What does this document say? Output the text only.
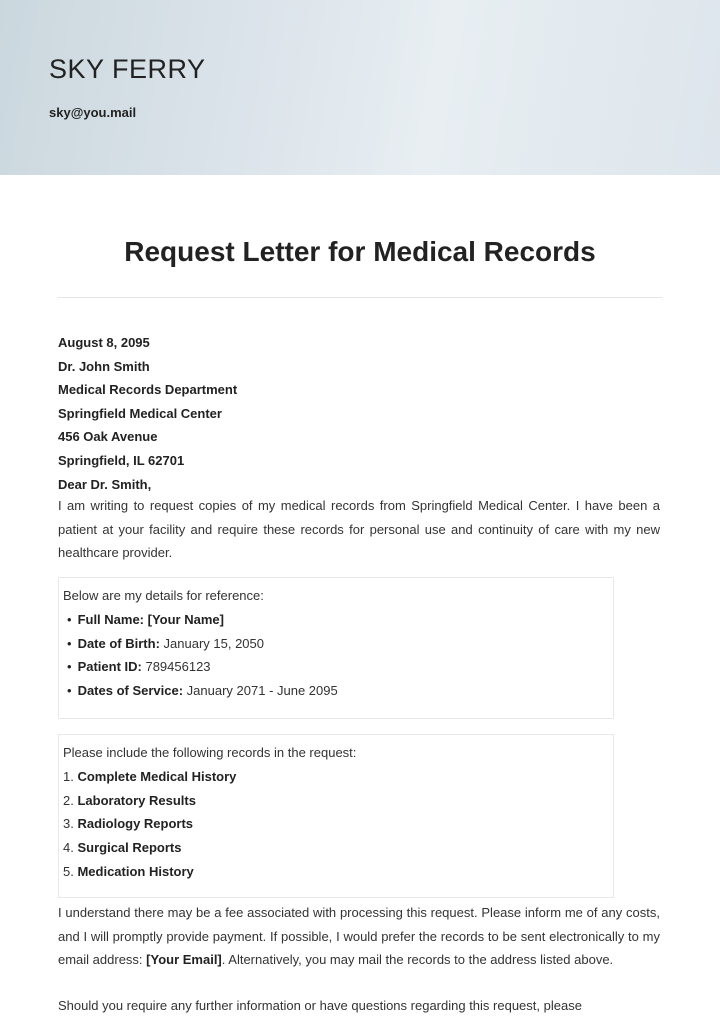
SKY FERRY
sky@you.mail
Request Letter for Medical Records
August 8, 2095
Dr. John Smith
Medical Records Department
Springfield Medical Center
456 Oak Avenue
Springfield, IL 62701
Dear Dr. Smith,

I am writing to request copies of my medical records from Springfield Medical Center. I have been a patient at your facility and require these records for personal use and continuity of care with my new healthcare provider.

Below are my details for reference:
• Full Name: [Your Name]
• Date of Birth: January 15, 2050
• Patient ID: 789456123
• Dates of Service: January 2071 - June 2095
Please include the following records in the request:
1. Complete Medical History
2. Laboratory Results
3. Radiology Reports
4. Surgical Reports
5. Medication History

I understand there may be a fee associated with processing this request. Please inform me of any costs, and I will promptly provide payment. If possible, I would prefer the records to be sent electronically to my email address: [Your Email]. Alternatively, you may mail the records to the address listed above.

Should you require any further information or have questions regarding this request, please
